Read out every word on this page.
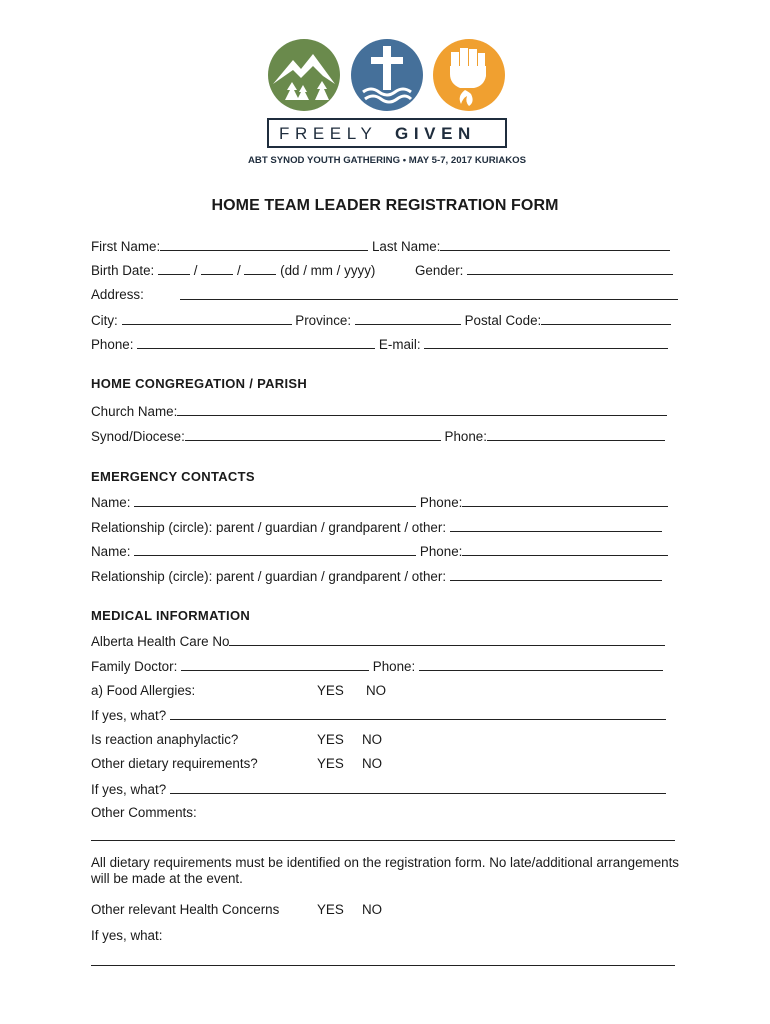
FREELY GIVEN
ABT SYNOD YOUTH GATHERING • MAY 5-7, 2017 KURIAKOS
HOME TEAM LEADER REGISTRATION FORM
First Name:	Last Name:
Birth Date:	/	/	(dd / mm / yyyy)	Gender:
Address:
City:	Province:	Postal Code:
Phone:	E-mail:
HOME CONGREGATION / PARISH
Church Name:
Synod/Diocese:	Phone:
EMERGENCY CONTACTS
Name:	Phone:
Relationship (circle): parent / guardian / grandparent / other:
Name:	Phone:
Relationship (circle): parent / guardian / grandparent / other:
MEDICAL INFORMATION
Alberta Health Care No
Family Doctor:	Phone:
a) Food Allergies:	YES NO
If yes, what?
Is reaction anaphylactic?	YES NO
Other dietary requirements?	YES NO
If yes, what?
Other Comments:
All dietary requirements must be identified on the registration form. No late/additional arrangements will be made at the event.
Other relevant Health Concerns	YES NO
If yes, what:
